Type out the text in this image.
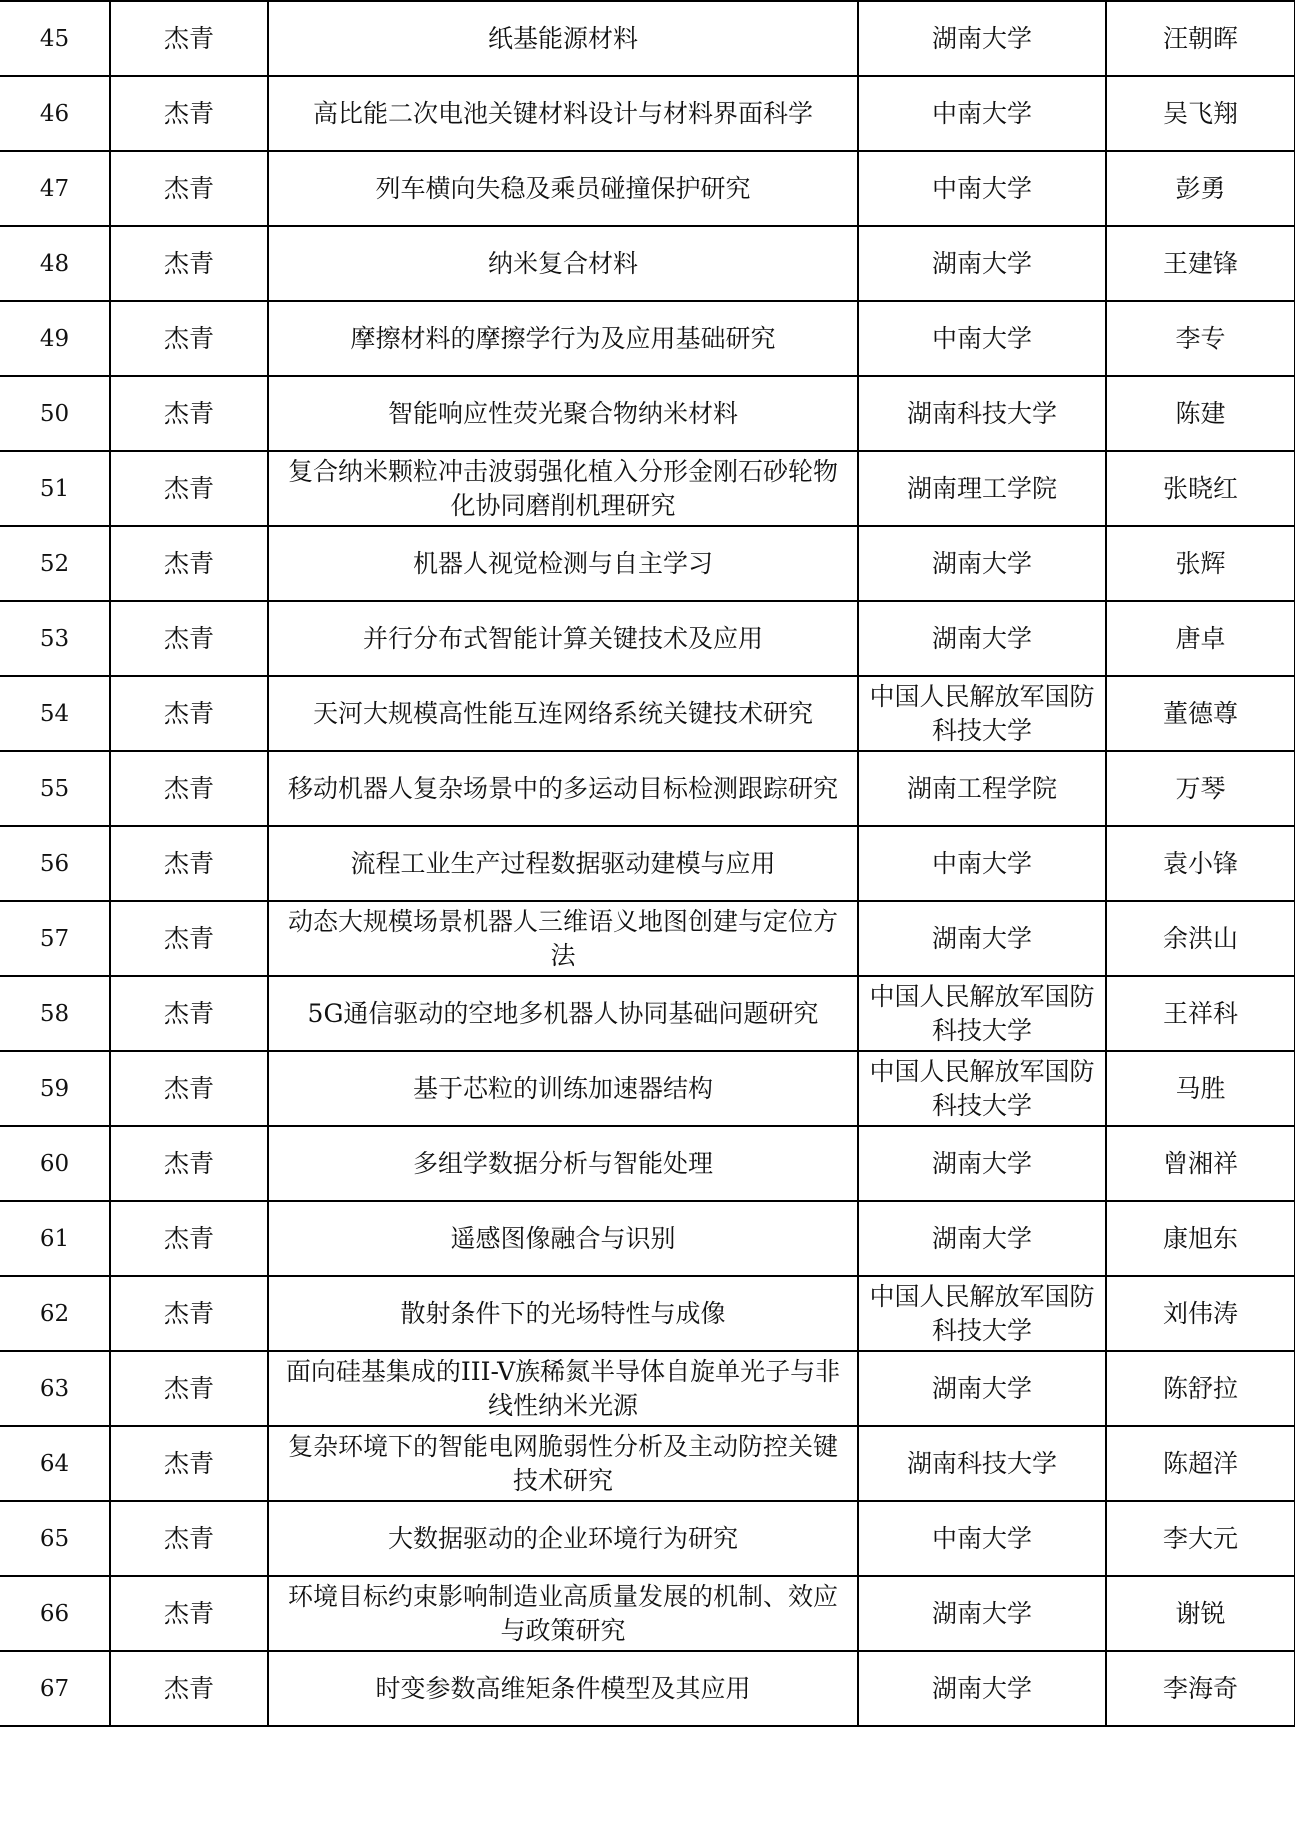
45	杰青	纸基能源材料	湖南大学	汪朝晖
46	杰青	高比能二次电池关键材料设计与材料界面科学	中南大学	吴飞翔
47	杰青	列车横向失稳及乘员碰撞保护研究	中南大学	彭勇
48	杰青	纳米复合材料	湖南大学	王建锋
49	杰青	摩擦材料的摩擦学行为及应用基础研究	中南大学	李专
50	杰青	智能响应性荧光聚合物纳米材料	湖南科技大学	陈建
51	杰青	复合纳米颗粒冲击波弱强化植入分形金刚石砂轮物化协同磨削机理研究	湖南理工学院	张晓红
52	杰青	机器人视觉检测与自主学习	湖南大学	张辉
53	杰青	并行分布式智能计算关键技术及应用	湖南大学	唐卓
54	杰青	天河大规模高性能互连网络系统关键技术研究	中国人民解放军国防科技大学	董德尊
55	杰青	移动机器人复杂场景中的多运动目标检测跟踪研究	湖南工程学院	万琴
56	杰青	流程工业生产过程数据驱动建模与应用	中南大学	袁小锋
57	杰青	动态大规模场景机器人三维语义地图创建与定位方法	湖南大学	余洪山
58	杰青	5G通信驱动的空地多机器人协同基础问题研究	中国人民解放军国防科技大学	王祥科
59	杰青	基于芯粒的训练加速器结构	中国人民解放军国防科技大学	马胜
60	杰青	多组学数据分析与智能处理	湖南大学	曾湘祥
61	杰青	遥感图像融合与识别	湖南大学	康旭东
62	杰青	散射条件下的光场特性与成像	中国人民解放军国防科技大学	刘伟涛
63	杰青	面向硅基集成的III-V族稀氮半导体自旋单光子与非线性纳米光源	湖南大学	陈舒拉
64	杰青	复杂环境下的智能电网脆弱性分析及主动防控关键技术研究	湖南科技大学	陈超洋
65	杰青	大数据驱动的企业环境行为研究	中南大学	李大元
66	杰青	环境目标约束影响制造业高质量发展的机制、效应与政策研究	湖南大学	谢锐
67	杰青	时变参数高维矩条件模型及其应用	湖南大学	李海奇
